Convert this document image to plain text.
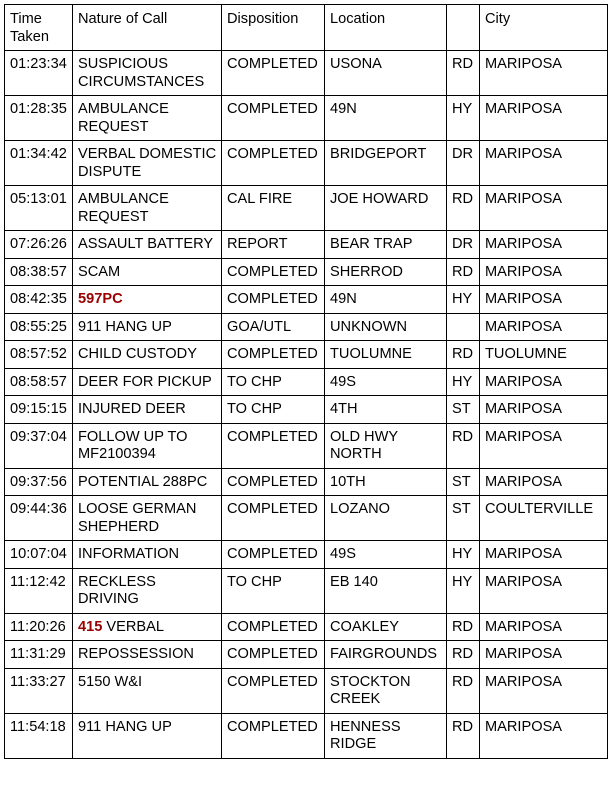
Time Taken	Nature of Call	Disposition	Location		City
01:23:34	SUSPICIOUS CIRCUMSTANCES	COMPLETED	USONA	RD	MARIPOSA
01:28:35	AMBULANCE REQUEST	COMPLETED	49N	HY	MARIPOSA
01:34:42	VERBAL DOMESTIC DISPUTE	COMPLETED	BRIDGEPORT	DR	MARIPOSA
05:13:01	AMBULANCE REQUEST	CAL FIRE	JOE HOWARD	RD	MARIPOSA
07:26:26	ASSAULT BATTERY	REPORT	BEAR TRAP	DR	MARIPOSA
08:38:57	SCAM	COMPLETED	SHERROD	RD	MARIPOSA
08:42:35	597PC	COMPLETED	49N	HY	MARIPOSA
08:55:25	911 HANG UP	GOA/UTL	UNKNOWN		MARIPOSA
08:57:52	CHILD CUSTODY	COMPLETED	TUOLUMNE	RD	TUOLUMNE
08:58:57	DEER FOR PICKUP	TO CHP	49S	HY	MARIPOSA
09:15:15	INJURED DEER	TO CHP	4TH	ST	MARIPOSA
09:37:04	FOLLOW UP TO MF2100394	COMPLETED	OLD HWY NORTH	RD	MARIPOSA
09:37:56	POTENTIAL 288PC	COMPLETED	10TH	ST	MARIPOSA
09:44:36	LOOSE GERMAN SHEPHERD	COMPLETED	LOZANO	ST	COULTERVILLE
10:07:04	INFORMATION	COMPLETED	49S	HY	MARIPOSA
11:12:42	RECKLESS DRIVING	TO CHP	EB 140	HY	MARIPOSA
11:20:26	415 VERBAL	COMPLETED	COAKLEY	RD	MARIPOSA
11:31:29	REPOSSESSION	COMPLETED	FAIRGROUNDS	RD	MARIPOSA
11:33:27	5150 W&I	COMPLETED	STOCKTON CREEK	RD	MARIPOSA
11:54:18	911 HANG UP	COMPLETED	HENNESS RIDGE	RD	MARIPOSA
